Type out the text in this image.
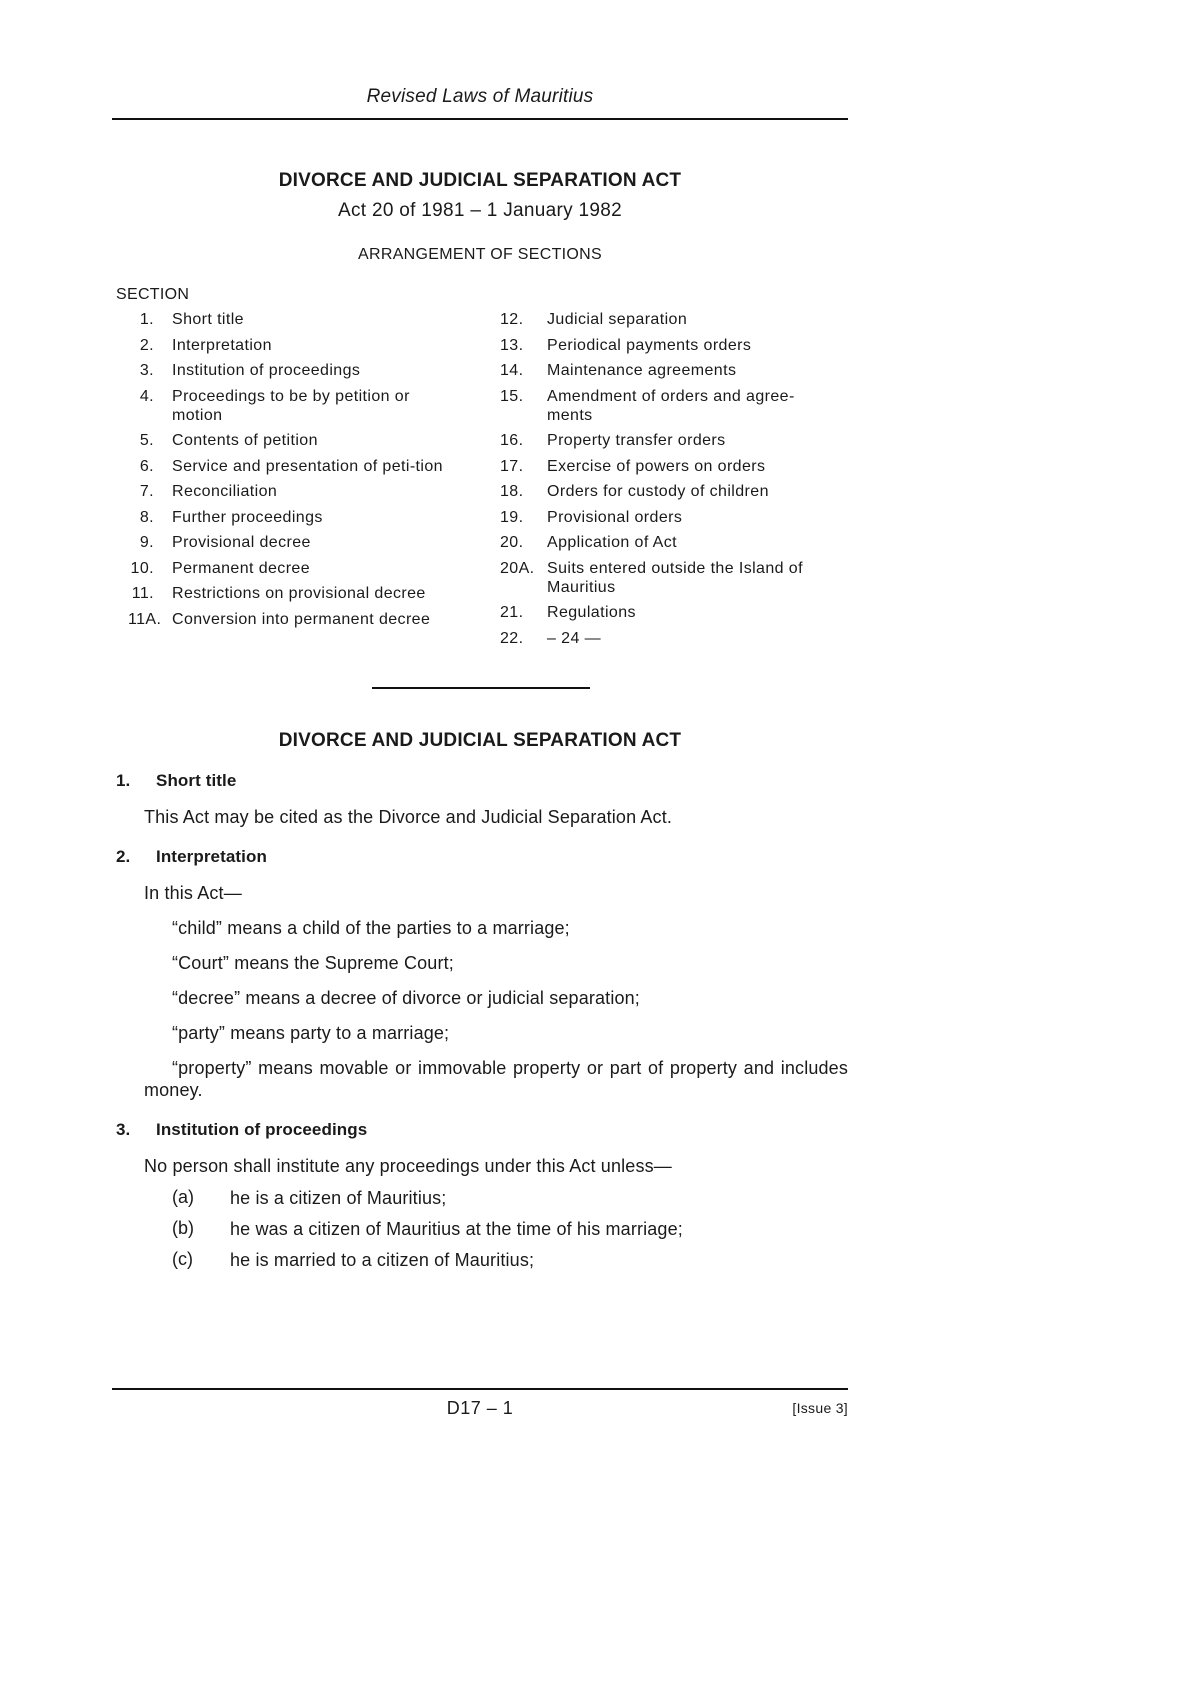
Revised Laws of Mauritius
DIVORCE AND JUDICIAL SEPARATION ACT
Act 20 of 1981 – 1 January 1982
ARRANGEMENT OF SECTIONS
SECTION
1. Short title
2. Interpretation
3. Institution of proceedings
4. Proceedings to be by petition or motion
5. Contents of petition
6. Service and presentation of peti-tion
7. Reconciliation
8. Further proceedings
9. Provisional decree
10. Permanent decree
11. Restrictions on provisional decree
11A. Conversion into permanent decree
12.	Judicial separation
13.	Periodical payments orders
14.	Maintenance agreements
15.	Amendment of orders and agree-ments
16.	Property transfer orders
17.	Exercise of powers on orders
18.	Orders for custody of children
19.	Provisional orders
20.	Application of Act
20A. Suits entered outside the Island of Mauritius
21.	Regulations
22.	– 24 —
DIVORCE AND JUDICIAL SEPARATION ACT
1. Short title
This Act may be cited as the Divorce and Judicial Separation Act.
2. Interpretation
In this Act—
“child” means a child of the parties to a marriage;
“Court” means the Supreme Court;
“decree” means a decree of divorce or judicial separation;
“party” means party to a marriage;
“property” means movable or immovable property or part of property and includes money.
3. Institution of proceedings
No person shall institute any proceedings under this Act unless—
(a) he is a citizen of Mauritius;
(b) he was a citizen of Mauritius at the time of his marriage;
(c) he is married to a citizen of Mauritius;
D17 – 1	[Issue 3]
